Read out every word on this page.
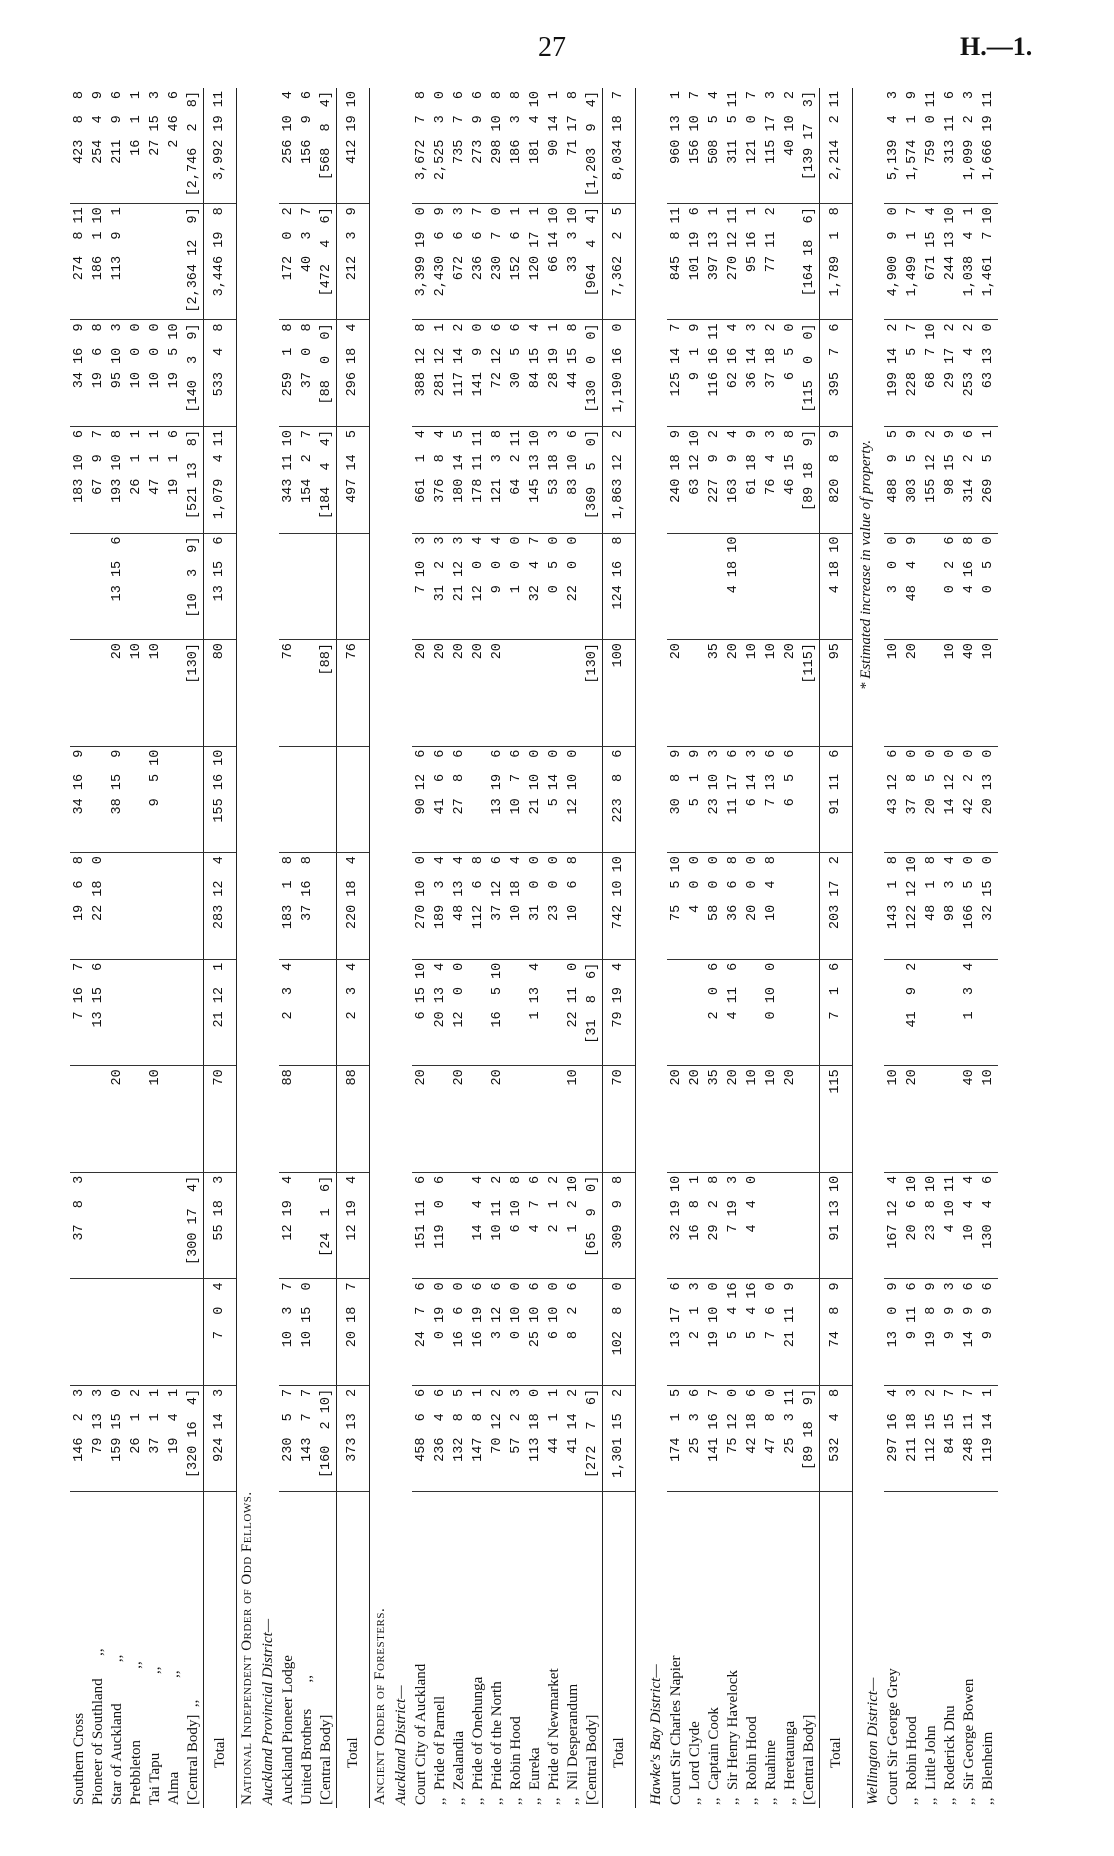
27	H.—1.
Southern Cross	146  2  3		37  8  3		7 16  7	19  6  8	34 16  9			183 10  6	34 16  9	274  8 11	423  8  8
Pioneer of Southland      ,,	79 13  3				13 15  6	22 18  0				67  9  7	19  6  8	186  1 10	254  4  9
Star of Auckland           ,,	159 15  0			20			38 15  9	20	13 15  6	193 10  8	95 10  3	113  9  1	211  9  6
Prebbleton                   ,,	26  1  2							10		26  1  1	10  0  0		16  1  1
Tai Tapu                     ,,	37  1  1			10			9  5 10	10		47  1  1	10  0  0		27 15  3
Alma                         ,,	19  4  1									19  1  6	19  5 10		2 46  6
[Central Body]  ,,	[320 16  4]		[300 17  4]					[130]	[10  3  9]	[521 13  8]	[140  3  9]	[2,364 12  9]	[2,746  2  8]
Total	924 14  3	7  0  4	55 18  3	70	21 12  1	283 12  4	155 16 10	80	13 15  6	1,079  4 11	533  4  8	3,446 19  8	3,992 19 11
National Independent Order of Odd Fellows.													
Auckland Provincial District—													
Auckland Pioneer Lodge	230  5  7	10  3  7	12 19  4	88	2  3  4	183  1  8		76		343 11 10	259  1  8	172  0  2	256 10  4
United Brothers       ,,	143  7  7	10 15  0				37 16  8				154  2  7	37  0  8	40  3  7	156  9  6
[Central Body]	[160  2 10]		[24  1  6]					[88]		[184  4  4]	[88  0  0]	[472  4  6]	[568  8  4]
Total	373 13  2	20 18  7	12 19  4	88	2  3  4	220 18  4		76		497 14  5	296 18  4	212  3  9	412 19 10
Ancient Order of Foresters.													
Auckland District—													
Court City of Auckland	458  6  6	24  7  6	151 11  6	20	6 15 10	270 10  0	90 12  6	20	7 10  3	661  1  4	388 12  8	3,399 19  0	3,672  7  8
,,  Pride of Parnell	236  4  6	0 19  0	119  0  6		20 13  4	189  3  4	41  6  6	20	31  2  3	376  8  4	281 12  1	2,430  6  9	2,525  3  0
,,  Zealandia	132  8  5	16  6  0		20	12  0  0	48 13  4	27  8  6	20	21 12  3	180 14  5	117 14  2	672  6  3	735  7  6
,,  Pride of Onehunga	147  8  1	16 19  6	14  4  4			112  6  8		20	12  0  4	178 11 11	141  9  0	236  6  7	273  9  6
,,  Pride of the North	70 12  2	3 12  6	10 11  2	20	16  5 10	37 12  6	13 19  6	20	9  0  4	121  3  8	72 12  6	230  7  0	298 10  8
,,  Robin Hood	57  2  3	0 10  0	6 10  8			10 18  4	10  7  6		1  0  0	64  2 11	30  5  6	152  6  1	186  3  8
,,  Eureka	113 18  0	25 10  6	4  7  6		1 13  4	31  0  0	21 10  0		32  4  7	145 13 10	84 15  4	120 17  1	181  4 10
,,  Pride of Newmarket	44  1  1	6 10  0	2  1  2			23  0  0	5 14  0		0  5  0	53 18  3	28 19  1	66 14 10	90 14  1
,,  Nil Desperandum	41 14  2	8  2  6	1  2 10	10	22 11  0	10  6  8	12 10  0		22  0  0	83 10  6	44 15  8	33  3 10	71 17  8
[Central Body]	[272  7  6]		[65  9  0]		[31  8  6]			[130]		[369  5  0]	[130  0  0]	[964  4  4]	[1,203  9  4]
Total	1,301 15  2	102  8  0	309  9  8	70	79 19  4	742 10 10	223  8  6	100	124 16  8	1,863 12  2	1,190 16  0	7,362  2  5	8,034 18  7

Hawke's Bay District—													
Court Sir Charles Napier	174  1  5	13 17  6	32 19 10	20		75  5 10	30  8  9	20		240 18  9	125 14  7	845  8 11	960 13  1
,,  Lord Clyde	25  3  6	2  1  3	16  8  1	20		4  0  0	5  1  9			63 12 10	9  1  9	101 19  6	156 10  7
,,  Captain Cook	141 16  7	19 10  0	29  2  8	35	2  0  6	58  0  0	23 10  3	35		227  9  2	116 16 11	397 13  1	508  5  4
,,  Sir Henry Havelock	75 12  0	5  4 16	7 19  3	20	4 11  6	36  6  8	11 17  6	20	4 18 10	163  9  4	62 16  4	270 12 11	311  5 11
,,  Robin Hood	42 18  6	5  4 16	4  4  0	10		20  0  0	6 14  3	10		61 18  9	36 14  3	95 16  1	121  0  7
,,  Ruahine	47  8  0	7  6  0		10	0 10  0	10  4  8	7 13  6	10		76  4  3	37 18  2	77 11  2	115 17  3
,,  Heretaunga	25  3 11	21 11  9		20			6  5  6	20		46 15  8	6  5  0		40 10  2
[Central Body]	[89 18  9]							[115]		[89 18  9]	[115  0  0]	[164 18  6]	[139 17  3]
Total	532  4  8	74  8  9	91 13 10	115	7  1  6	203 17  2	91 11  6	95	4 18 10	820  8  9	395  7  6	1,789  1  8	2,214  2 11

Wellington District—													
Court Sir George Grey	297 16  4	13  0  9	167 12  4	10		143  1  8	43 12  6	10	3  0  0	488  9  5	199 14  2	4,900  9  0	5,139  4  3
,,  Robin Hood	211 18  3	9 11  6	20  6 10	20	41  9  2	122 12 10	37  8  0	20	48  4  9	303  5  9	228  5  7	1,499  1  7	1,574  1  9
,,  Little John	112 15  2	19  8  9	23  8 10			48  1  8	20  5  0			155 12  2	68  7 10	671 15  4	759  0 11
,,  Roderick Dhu	84 15  7	9  9  3	4 10 11			98  3  4	14 12  0	10	0  2  6	98 15  9	29 17  2	244 13 10	313 11  6
,,  Sir George Bowen	248 11  7	14  9  6	10  4  4	40	1  3  4	166  5  0	42  2  0	40	4 16  8	314  2  6	253  4  2	1,038  4  1	1,099  2  3
,,  Blenheim	119 14  1	9  9  6	130  4  6	10		32 15  0	20 13  0	10	0  5  0	269  5  1	63 13  0	1,461  7 10	1,666 19 11
* Estimated increase in value of property.
